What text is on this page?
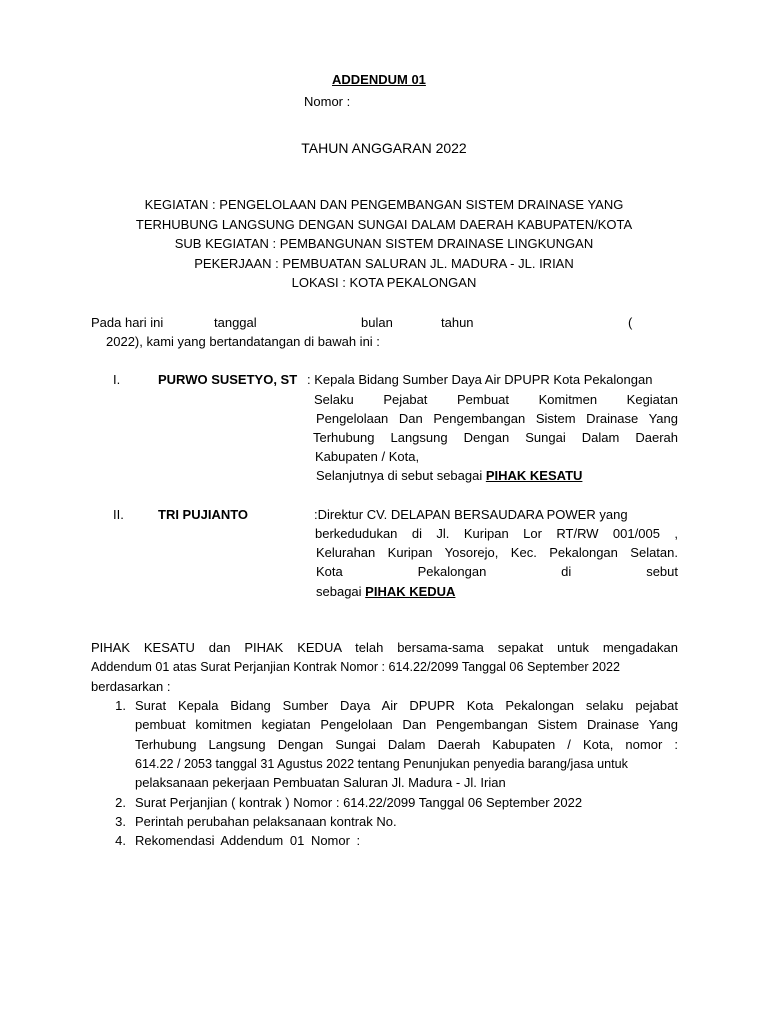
ADDENDUM 01
Nomor :
TAHUN ANGGARAN 2022
KEGIATAN : PENGELOLAAN DAN PENGEMBANGAN SISTEM DRAINASE YANG
TERHUBUNG LANGSUNG DENGAN SUNGAI DALAM DAERAH KABUPATEN/KOTA
SUB KEGIATAN : PEMBANGUNAN SISTEM DRAINASE LINGKUNGAN
PEKERJAAN : PEMBUATAN SALURAN JL. MADURA - JL. IRIAN
LOKASI : KOTA PEKALONGAN
Pada hari ini	tanggal	bulan	tahun	(
2022), kami yang bertandatangan di bawah ini :
I.	PURWO SUSETYO, ST : Kepala Bidang Sumber Daya Air DPUPR Kota Pekalongan
Selaku Pejabat Pembuat Komitmen Kegiatan
Pengelolaan Dan Pengembangan Sistem Drainase Yang
Terhubung Langsung Dengan Sungai Dalam Daerah
Kabupaten / Kota,
Selanjutnya di sebut sebagai PIHAK KESATU
II.	TRI PUJIANTO	:Direktur CV. DELAPAN BERSAUDARA POWER yang
berkedudukan di Jl. Kuripan Lor RT/RW 001/005 ,
Kelurahan Kuripan Yosorejo, Kec. Pekalongan Selatan.
Kota Pekalongan di sebut
sebagai PIHAK KEDUA
PIHAK KESATU dan PIHAK KEDUA telah bersama-sama sepakat untuk mengadakan
Addendum 01 atas Surat Perjanjian Kontrak Nomor : 614.22/2099 Tanggal 06 September 2022
berdasarkan :
1. Surat Kepala Bidang Sumber Daya Air DPUPR Kota Pekalongan selaku pejabat
pembuat komitmen kegiatan Pengelolaan Dan Pengembangan Sistem Drainase Yang
Terhubung Langsung Dengan Sungai Dalam Daerah Kabupaten / Kota, nomor :
614.22 / 2053 tanggal 31 Agustus 2022 tentang Penunjukan penyedia barang/jasa untuk
pelaksanaan pekerjaan Pembuatan Saluran Jl. Madura - Jl. Irian
2. Surat Perjanjian ( kontrak ) Nomor : 614.22/2099 Tanggal 06 September 2022
3. Perintah perubahan pelaksanaan kontrak No.
4. Rekomendasi Addendum 01 Nomor :
